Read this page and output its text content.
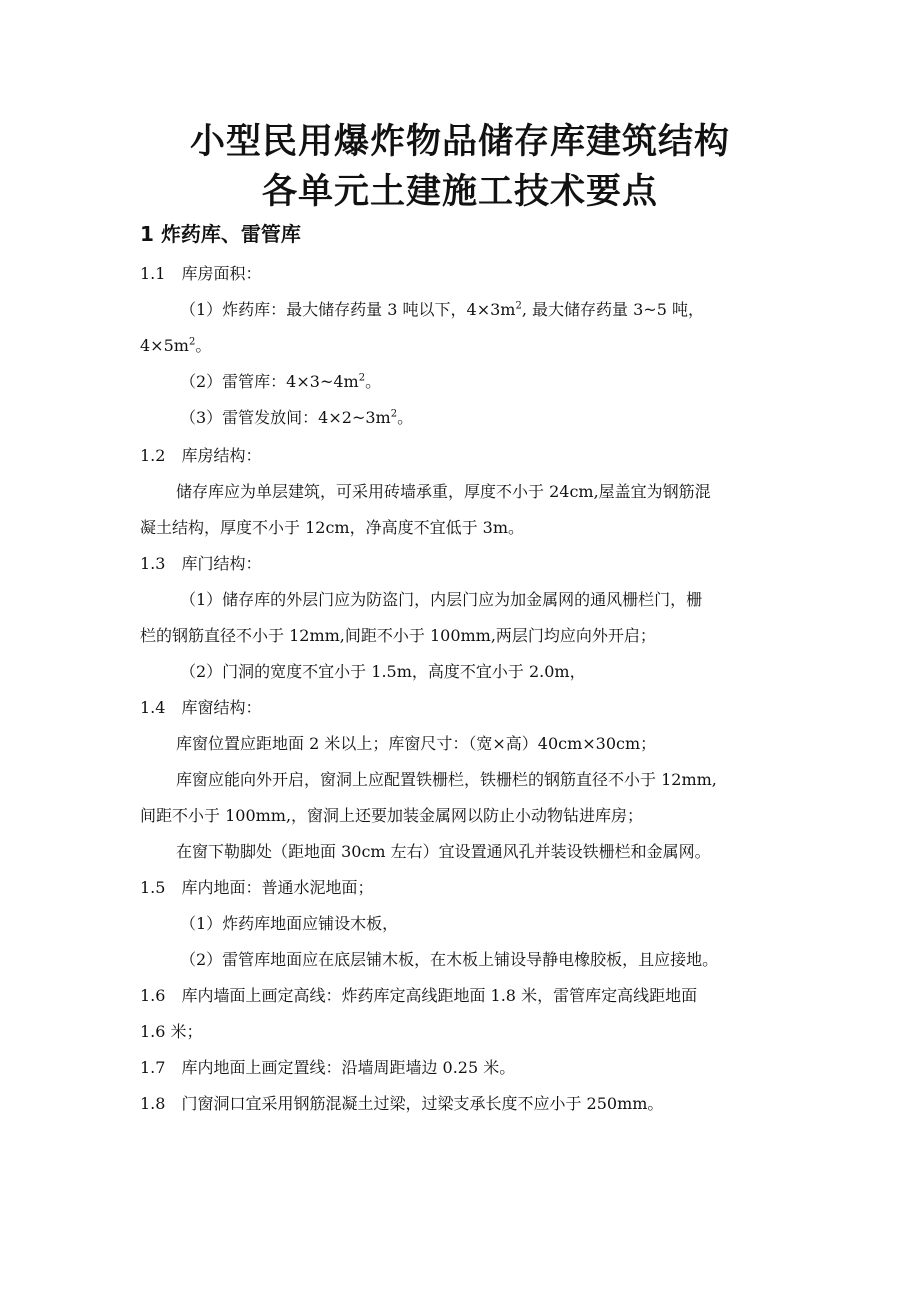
小型民用爆炸物品储存库建筑结构
各单元土建施工技术要点
1 炸药库、雷管库
1.1　库房面积：
（1）炸药库：最大储存药量 3 吨以下，$4\times 3m^2$, 最大储存药量 3~5 吨，
$4\times 5m^2$。
（2）雷管库：$4\times 3\sim 4m^2$。
（3）雷管发放间：$4\times 2\sim 3m^2$。
1.2　库房结构：
储存库应为单层建筑，可采用砖墙承重，厚度不小于 24cm,屋盖宜为钢筋混
凝土结构，厚度不小于 12cm，净高度不宜低于 3m。
1.3　库门结构：
（1）储存库的外层门应为防盗门，内层门应为加金属网的通风栅栏门，栅
栏的钢筋直径不小于 12mm,间距不小于 100mm,两层门均应向外开启；
（2）门洞的宽度不宜小于 1.5m，高度不宜小于 2.0m，
1.4　库窗结构：
库窗位置应距地面 2 米以上；库窗尺寸：（宽×高）40cm×30cm；
库窗应能向外开启，窗洞上应配置铁栅栏，铁栅栏的钢筋直径不小于 12mm,
间距不小于 100mm,，窗洞上还要加装金属网以防止小动物钻进库房；
在窗下勒脚处（距地面 30cm 左右）宜设置通风孔并装设铁栅栏和金属网。
1.5　库内地面：普通水泥地面；
（1）炸药库地面应铺设木板，
（2）雷管库地面应在底层铺木板，在木板上铺设导静电橡胶板，且应接地。
1.6　库内墙面上画定高线：炸药库定高线距地面 1.8 米，雷管库定高线距地面
1.6 米；
1.7　库内地面上画定置线：沿墙周距墙边 0.25 米。
1.8　门窗洞口宜采用钢筋混凝土过梁，过梁支承长度不应小于 250mm。
